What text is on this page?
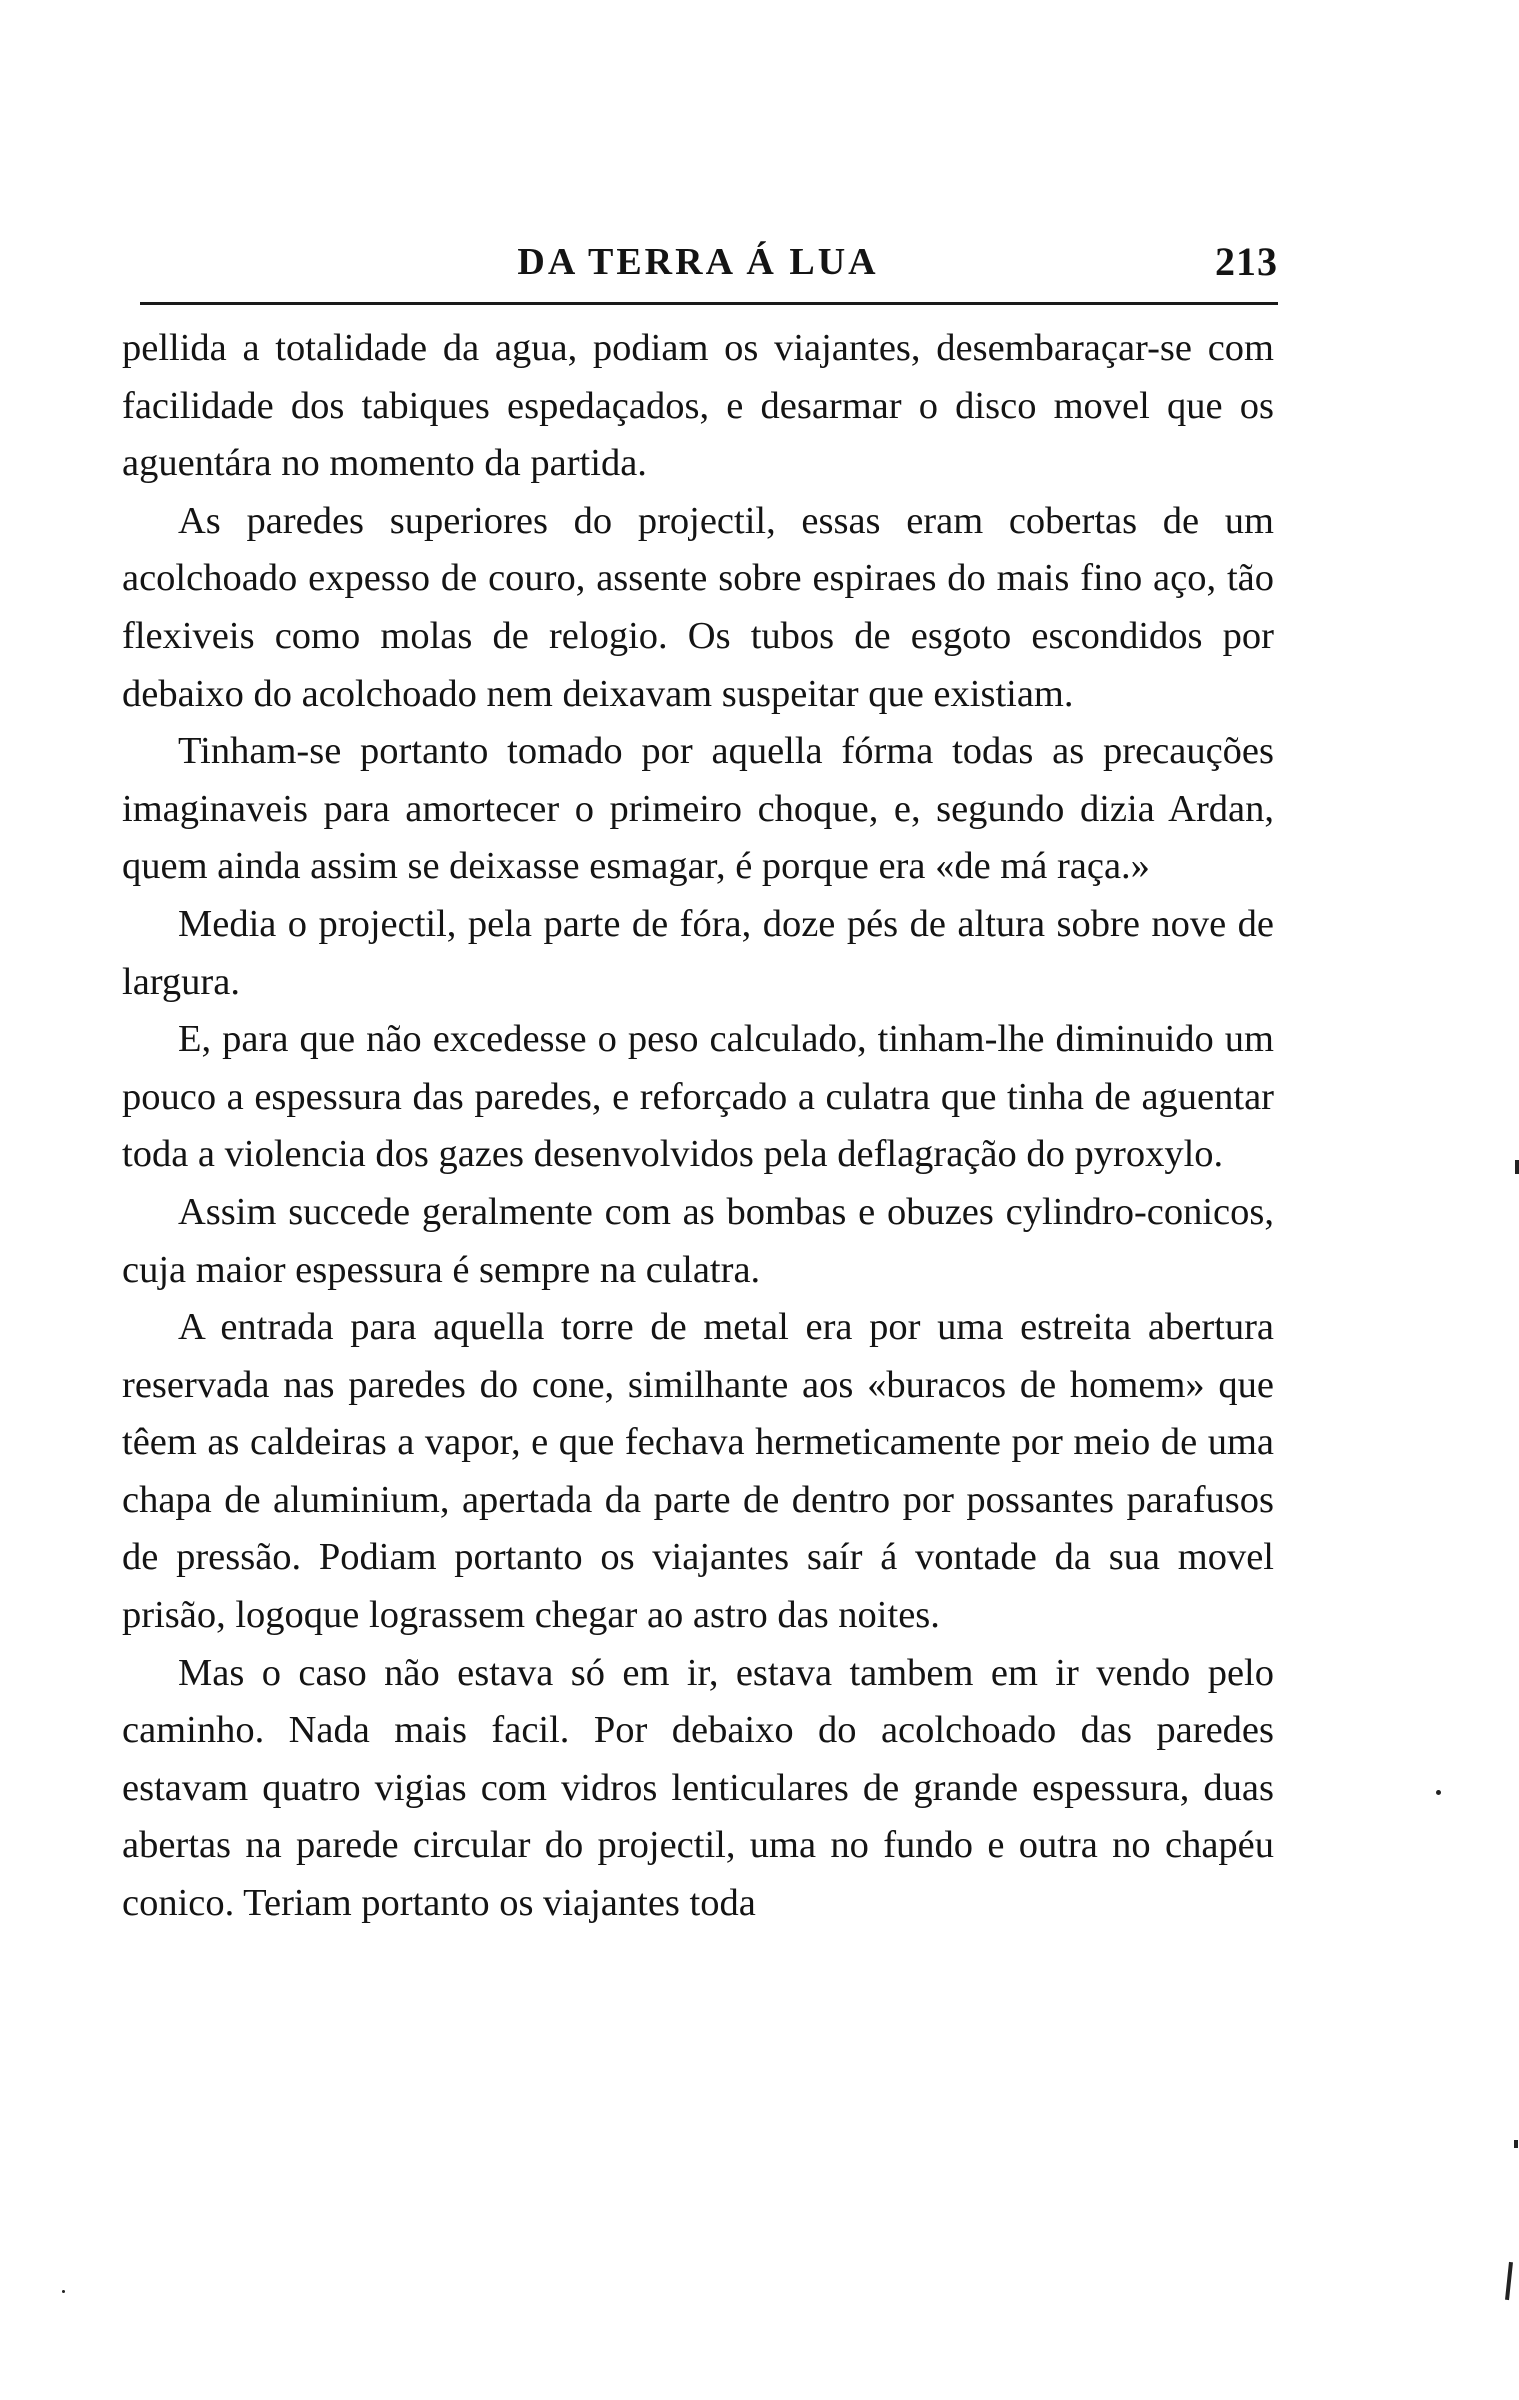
DA TERRA Á LUA	213

pellida a totalidade da agua, podiam os viajantes, desembaraçar-se com facilidade dos tabiques espedaçados, e desarmar o disco movel que os aguentára no momento da partida.

As paredes superiores do projectil, essas eram cobertas de um acolchoado expesso de couro, assente sobre espiraes do mais fino aço, tão flexiveis como molas de relogio. Os tubos de esgoto escondidos por debaixo do acolchoado nem deixavam suspeitar que existiam.

Tinham-se portanto tomado por aquella fórma todas as precauções imaginaveis para amortecer o primeiro choque, e, segundo dizia Ardan, quem ainda assim se deixasse esmagar, é porque era «de má raça.»

Media o projectil, pela parte de fóra, doze pés de altura sobre nove de largura.

E, para que não excedesse o peso calculado, tinham-lhe diminuido um pouco a espessura das paredes, e reforçado a culatra que tinha de aguentar toda a violencia dos gazes desenvolvidos pela deflagração do pyroxylo.

Assim succede geralmente com as bombas e obuzes cylindro-conicos, cuja maior espessura é sempre na culatra.

A entrada para aquella torre de metal era por uma estreita abertura reservada nas paredes do cone, similhante aos «buracos de homem» que têem as caldeiras a vapor, e que fechava hermeticamente por meio de uma chapa de aluminium, apertada da parte de dentro por possantes parafusos de pressão. Podiam portanto os viajantes saír á vontade da sua movel prisão, logoque lograssem chegar ao astro das noites.

Mas o caso não estava só em ir, estava tambem em ir vendo pelo caminho. Nada mais facil. Por debaixo do acolchoado das paredes estavam quatro vigias com vidros lenticulares de grande espessura, duas abertas na parede circular do projectil, uma no fundo e outra no chapéu conico. Teriam portanto os viajantes toda
